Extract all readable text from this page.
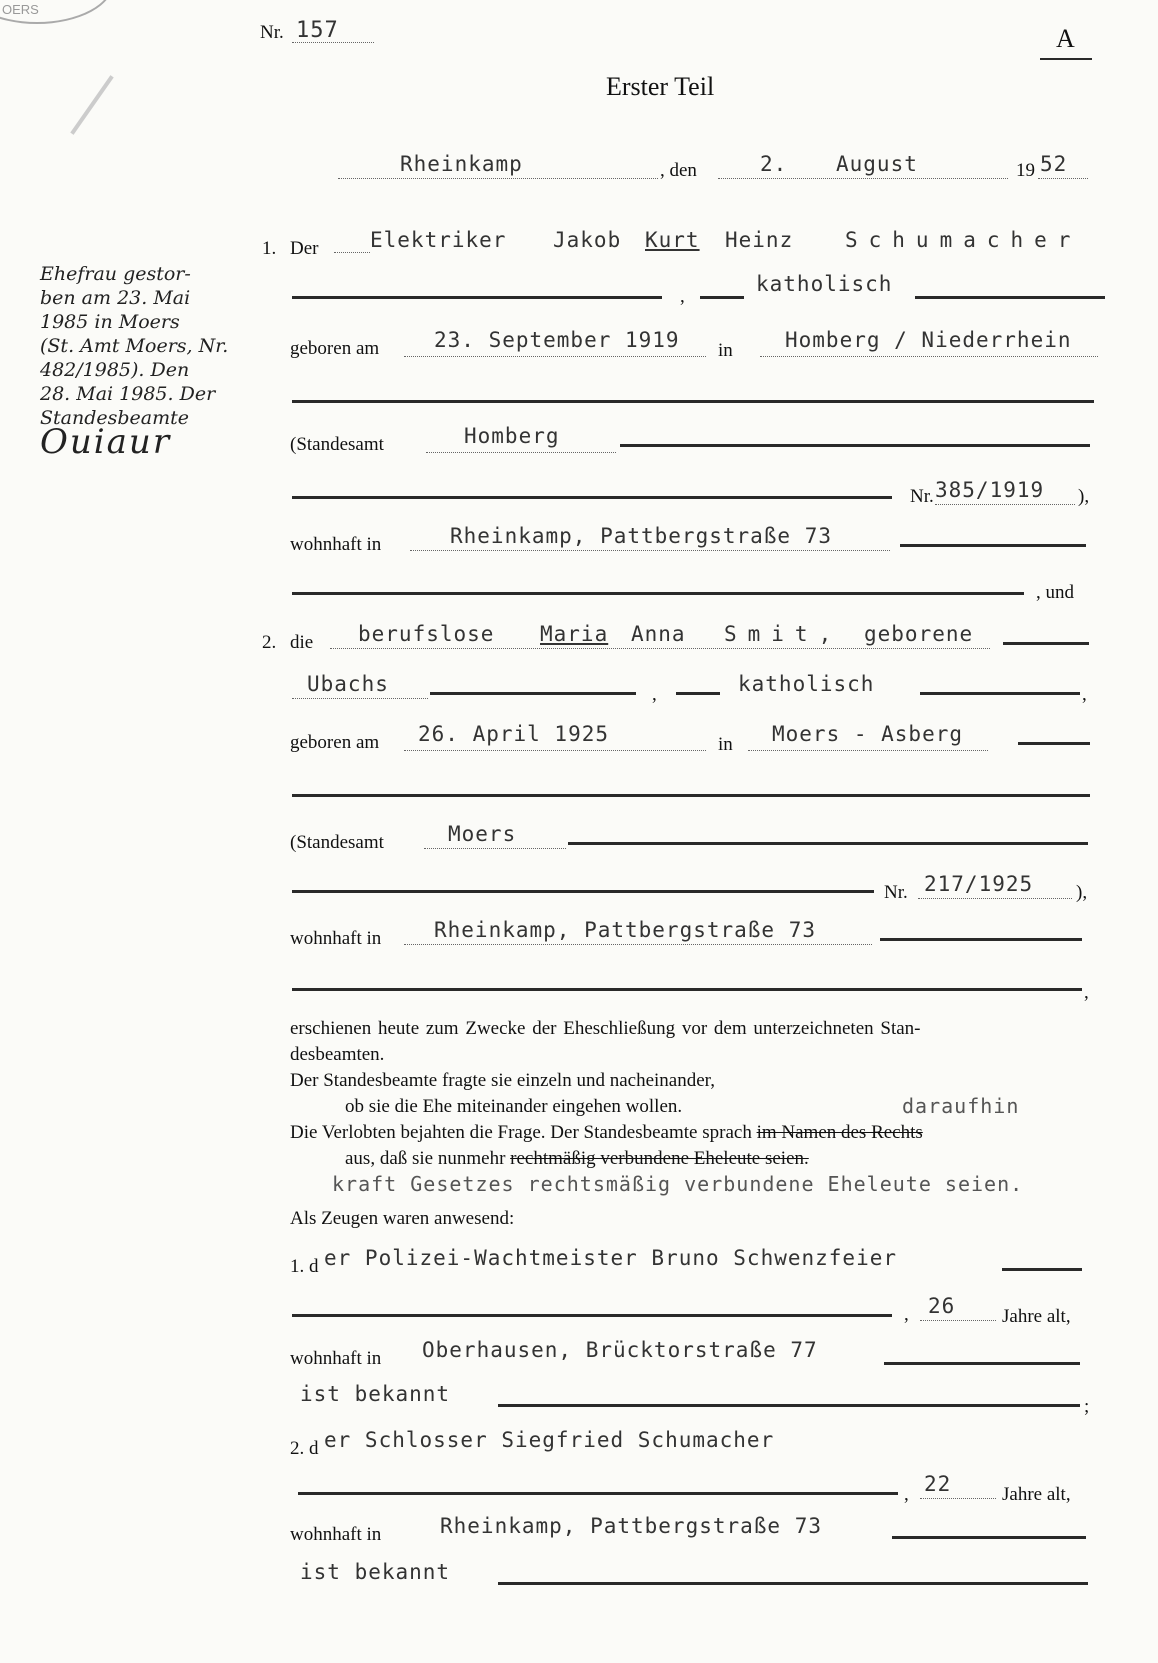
OERS
Nr. 157	A
Erster Teil
Rheinkamp	, den	2. August	19 52
Ehefrau gestor-
ben am 23. Mai
1985 in Moers
(St. Amt Moers, Nr.
482/1985). Den
28. Mai 1985. Der
Standesbeamte
Ouiaur
1. Der Elektriker Jakob Kurt Heinz Schumacher
,
katholisch
geboren am	23. September 1919 in Homberg / Niederrhein
(Standesamt	Homberg
Nr. 385/1919 ),
wohnhaft in	Rheinkamp, Pattbergstraße 73
, und
2. die berufslose Maria Anna Smit, geborene
Ubachs	,	katholisch	,
geboren am 26. April 1925	in Moers - Asberg
(Standesamt	Moers
Nr. 217/1925 ),
wohnhaft in	Rheinkamp, Pattbergstraße 73
,
erschienen heute zum Zwecke der Eheschließung vor dem unterzeichneten Stan-
desbeamten.
Der Standesbeamte fragte sie einzeln und nacheinander,
ob sie die Ehe miteinander eingehen wollen.	daraufhin
Die Verlobten bejahten die Frage. Der Standesbeamte sprach im Namen des Rechts
aus, daß sie nunmehr rechtmäßig verbundene Eheleute seien.
kraft Gesetzes rechtsmäßig verbundene Eheleute seien.
Als Zeugen waren anwesend:
1. d er Polizei-Wachtmeister Bruno Schwenzfeier
, 26 Jahre alt,
wohnhaft in Oberhausen, Brücktorstraße 77
ist bekannt
;
2. d er Schlosser Siegfried Schumacher
, 22	Jahre alt,
wohnhaft in	Rheinkamp, Pattbergstraße 73
ist bekannt
